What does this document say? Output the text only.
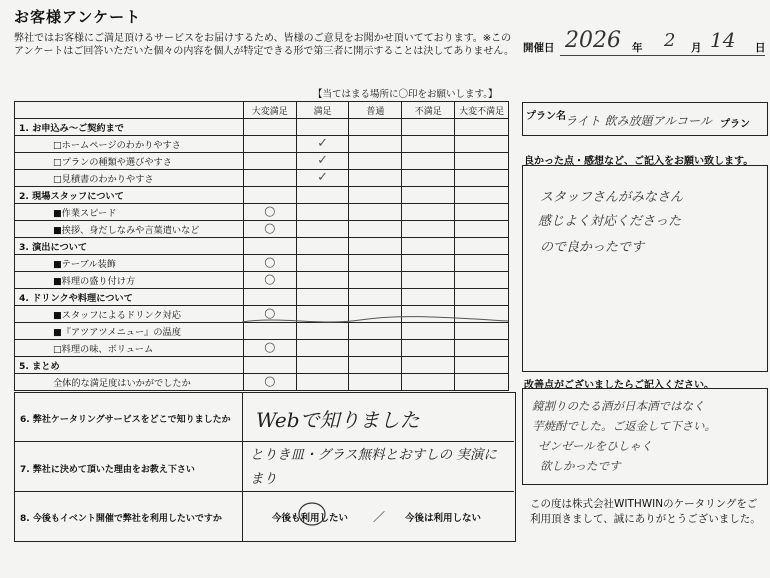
お客様アンケート
弊社ではお客様にご満足頂けるサービスをお届けするため、皆様のご意見をお聞かせ頂いてております。※このアンケートはご回答いただいた個々の内容を個人が特定できる形で第三者に開示することは決してありません。 開催日 2026 年 2 月 14 日
【当てはまる場所に〇印をお願いします。】
	大変満足	満足	普通	不満足	大変不満足
1. お申込み～ご契約まで					
□ホームページのわかりやすさ		✓			
□プランの種類や選びやすさ		✓			
□見積書のわかりやすさ		✓			
2. 現場スタッフについて					
■作業スピード	○				
■挨拶、身だしなみや言葉遣いなど	○				
3. 演出について					
■テーブル装飾	○				
■料理の盛り付け方	○				
4. ドリンクや料理について					
■スタッフによるドリンク対応	○				
■『アツアツメニュー』の温度					
□料理の味、ボリューム	○				
5. まとめ					
全体的な満足度はいかがでしたか	○				
プラン名 ライト 飲み放題アルコール プラン
良かった点・感想など、ご記入をお願い致します。
スタッフさんがみなさん
感じよく対応くださった
ので良かったです
改善点がございましたらご記入ください。
鏡割りのたる酒が日本酒ではなく
芋焼酎でした。ご返金して下さい。
ゼンゼールをひしゃく
欲しかったです
6. 弊社ケータリングサービスをどこで知りましたか Webで知りました
7. 弊社に決めて頂いた理由をお教え下さい
とりき皿・グラス無料とおすしの 実演にまり
8. 今後もイベント開催で弊社を利用したいですか	今後も利用したい ／ 今後は利用しない
この度は株式会社WITHWINのケータリングをご利用頂きまして、誠にありがとうございました。
